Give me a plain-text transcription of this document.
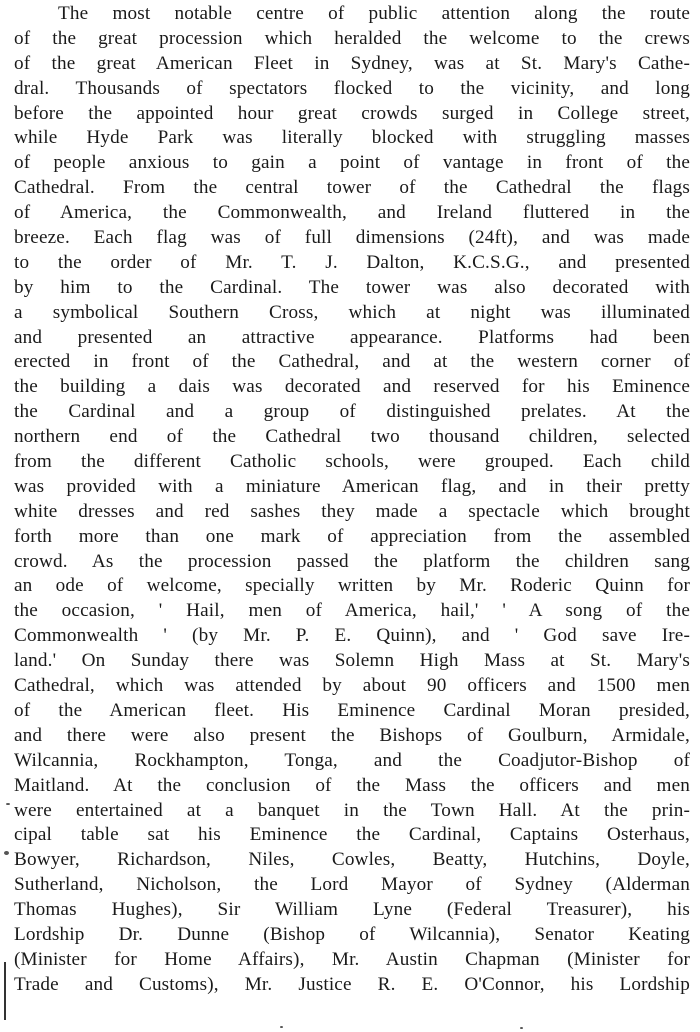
The most notable centre of public attention along the route
of the great procession which heralded the welcome to the crews
of the great American Fleet in Sydney, was at St. Mary's Cathe-
dral. Thousands of spectators flocked to the vicinity, and long
before the appointed hour great crowds surged in College street,
while Hyde Park was literally blocked with struggling masses
of people anxious to gain a point of vantage in front of the
Cathedral. From the central tower of the Cathedral the flags
of America, the Commonwealth, and Ireland fluttered in the
breeze. Each flag was of full dimensions (24ft), and was made
to the order of Mr. T. J. Dalton, K.C.S.G., and presented
by him to the Cardinal. The tower was also decorated with
a symbolical Southern Cross, which at night was illuminated
and presented an attractive appearance. Platforms had been
erected in front of the Cathedral, and at the western corner of
the building a dais was decorated and reserved for his Eminence
the Cardinal and a group of distinguished prelates. At the
northern end of the Cathedral two thousand children, selected
from the different Catholic schools, were grouped. Each child
was provided with a miniature American flag, and in their pretty
white dresses and red sashes they made a spectacle which brought
forth more than one mark of appreciation from the assembled
crowd. As the procession passed the platform the children sang
an ode of welcome, specially written by Mr. Roderic Quinn for
the occasion, ' Hail, men of America, hail,' ' A song of the
Commonwealth ' (by Mr. P. E. Quinn), and ' God save Ire-
land.' On Sunday there was Solemn High Mass at St. Mary's
Cathedral, which was attended by about 90 officers and 1500 men
of the American fleet. His Eminence Cardinal Moran presided,
and there were also present the Bishops of Goulburn, Armidale,
Wilcannia, Rockhampton, Tonga, and the Coadjutor-Bishop of
Maitland. At the conclusion of the Mass the officers and men
were entertained at a banquet in the Town Hall. At the prin-
cipal table sat his Eminence the Cardinal, Captains Osterhaus,
Bowyer, Richardson, Niles, Cowles, Beatty, Hutchins, Doyle,
Sutherland, Nicholson, the Lord Mayor of Sydney (Alderman
Thomas Hughes), Sir William Lyne (Federal Treasurer), his
Lordship Dr. Dunne (Bishop of Wilcannia), Senator Keating
(Minister for Home Affairs), Mr. Austin Chapman (Minister for
Trade and Customs), Mr. Justice R. E. O'Connor, his Lordship
